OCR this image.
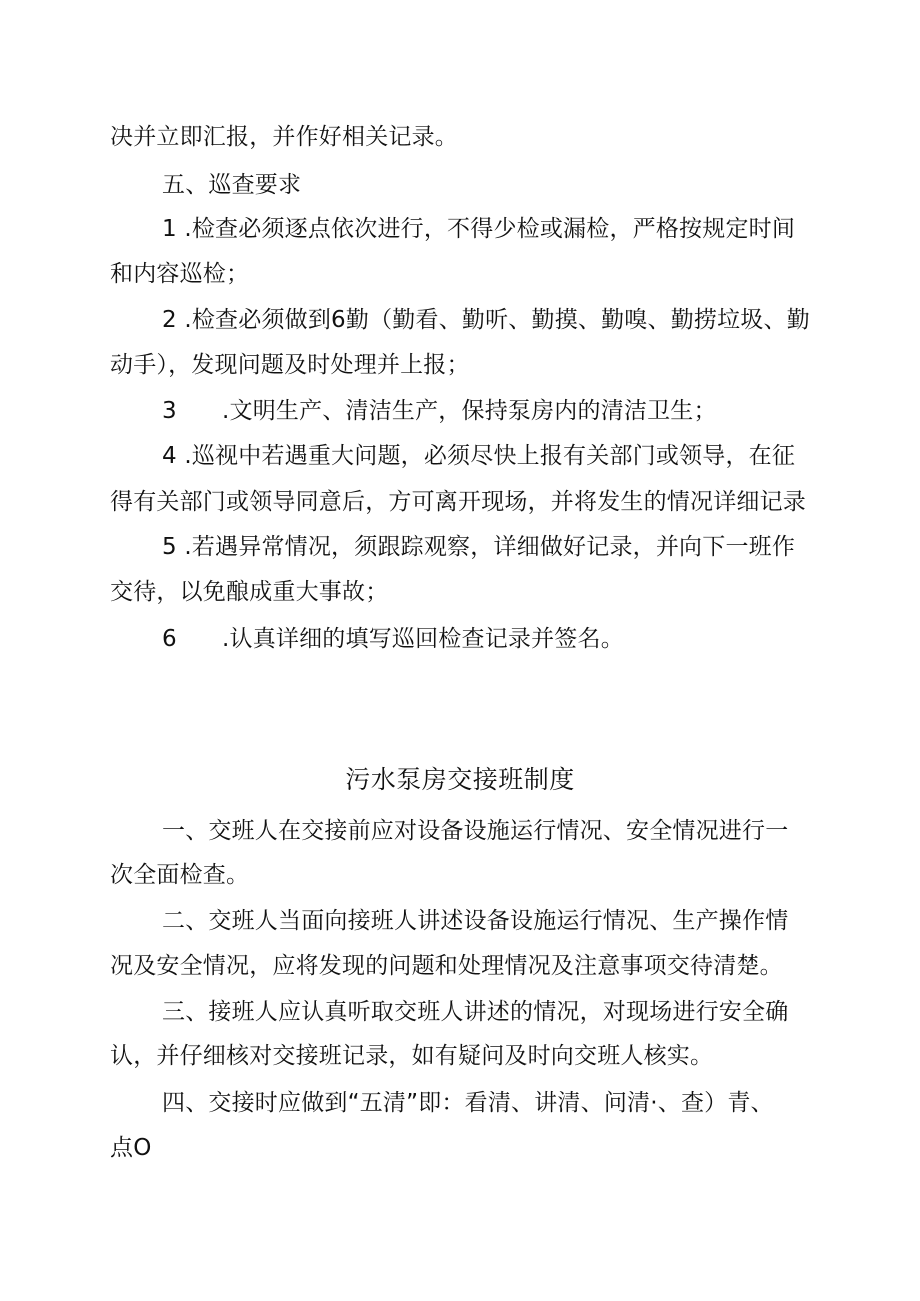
决并立即汇报，并作好相关记录。
五、巡查要求
1 .检查必须逐点依次进行，不得少检或漏检，严格按规定时间
和内容巡检；
2 .检查必须做到6勤（勤看、勤听、勤摸、勤嗅、勤捞垃圾、勤
动手），发现问题及时处理并上报；
3 .文明生产、清洁生产，保持泵房内的清洁卫生；
4 .巡视中若遇重大问题，必须尽快上报有关部门或领导，在征
得有关部门或领导同意后，方可离开现场，并将发生的情况详细记录
5 .若遇异常情况，须跟踪观察，详细做好记录，并向下一班作
交待，以免酿成重大事故；
6 .认真详细的填写巡回检查记录并签名。
污水泵房交接班制度
一、交班人在交接前应对设备设施运行情况、安全情况进行一
次全面检查。
二、交班人当面向接班人讲述设备设施运行情况、生产操作情
况及安全情况，应将发现的问题和处理情况及注意事项交待清楚。
三、接班人应认真听取交班人讲述的情况，对现场进行安全确
认，并仔细核对交接班记录，如有疑问及时向交班人核实。
四、交接时应做到“五清”即：看清、讲清、问清·、查）青、
点O
